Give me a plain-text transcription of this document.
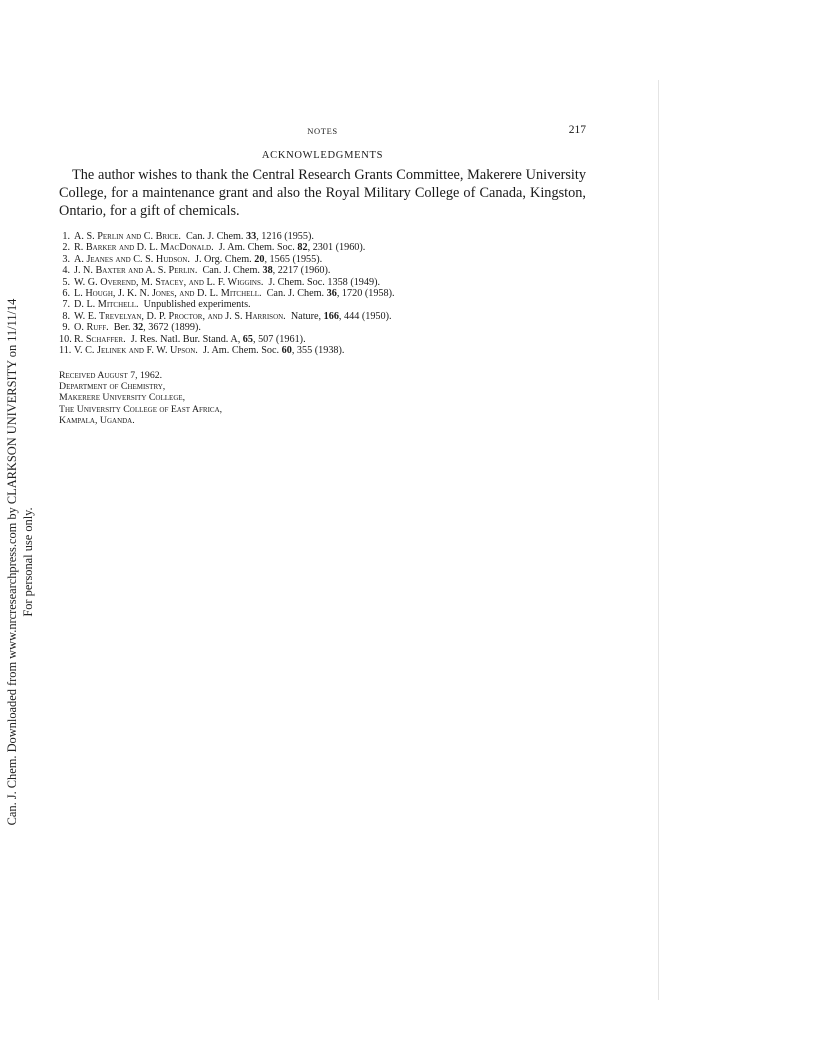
Can. J. Chem. Downloaded from www.nrcresearchpress.com by CLARKSON UNIVERSITY on 11/11/14 For personal use only.
NOTES	217
ACKNOWLEDGMENTS

The author wishes to thank the Central Research Grants Committee, Makerere University College, for a maintenance grant and also the Royal Military College of Canada, Kingston, Ontario, for a gift of chemicals.

1. A. S. Perlin and C. Brice. Can. J. Chem. 33, 1216 (1955).
2. R. Barker and D. L. MacDonald. J. Am. Chem. Soc. 82, 2301 (1960).
3. A. Jeanes and C. S. Hudson. J. Org. Chem. 20, 1565 (1955).
4. J. N. Baxter and A. S. Perlin. Can. J. Chem. 38, 2217 (1960).
5. W. G. Overend, M. Stacey, and L. F. Wiggins. J. Chem. Soc. 1358 (1949).
6. L. Hough, J. K. N. Jones, and D. L. Mitchell. Can. J. Chem. 36, 1720 (1958).
7. D. L. Mitchell. Unpublished experiments.
8. W. E. Trevelyan, D. P. Proctor, and J. S. Harrison. Nature, 166, 444 (1950).
9. O. Ruff. Ber. 32, 3672 (1899).
10. R. Schaffer. J. Res. Natl. Bur. Stand. A, 65, 507 (1961).
11. V. C. Jelinek and F. W. Upson. J. Am. Chem. Soc. 60, 355 (1938).
Received August 7, 1962.
Department of Chemistry,
Makerere University College,
The University College of East Africa,
Kampala, Uganda.
